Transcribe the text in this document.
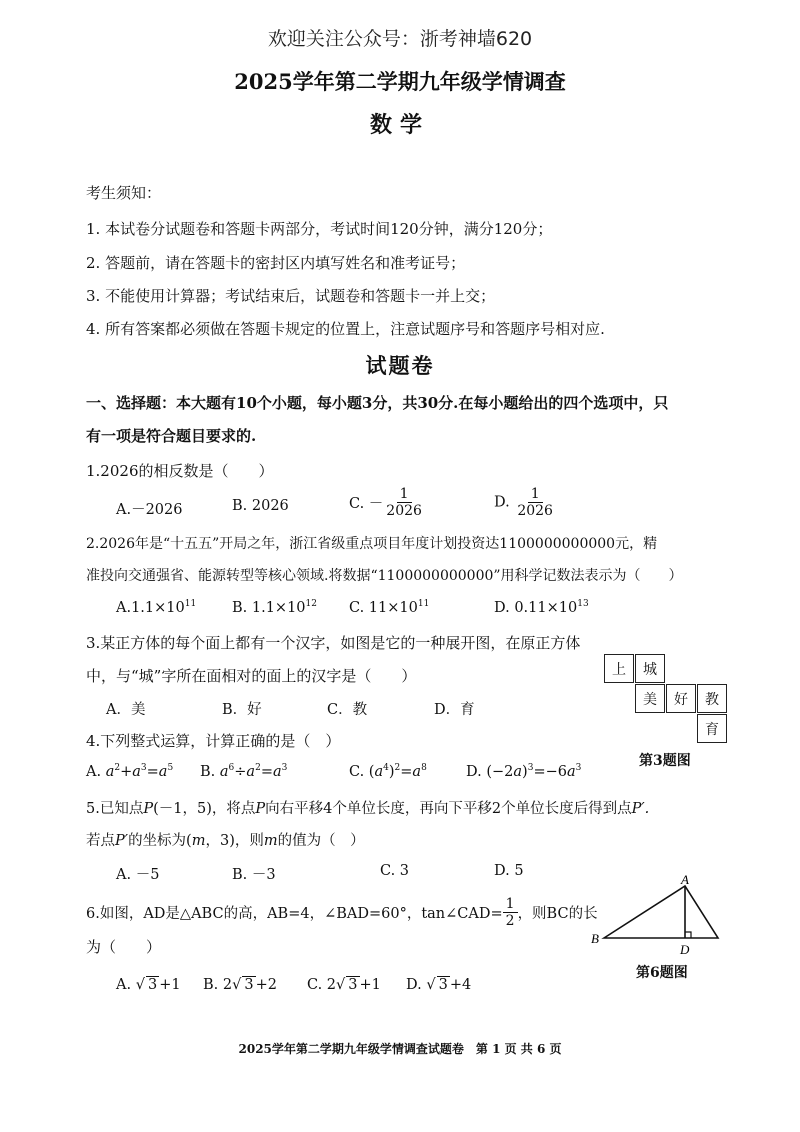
欢迎关注公众号：浙考神墙620
2025学年第二学期九年级学情调查
数学
考生须知：
1. 本试卷分试题卷和答题卡两部分，考试时间120分钟，满分120分；
2. 答题前，请在答题卡的密封区内填写姓名和准考证号；
3. 不能使用计算器；考试结束后，试题卷和答题卡一并上交；
4. 所有答案都必须做在答题卡规定的位置上，注意试题序号和答题序号相对应.
试题卷
一、选择题：本大题有10个小题，每小题3分，共30分.在每小题给出的四个选项中，只
有一项是符合题目要求的.
1.2026的相反数是（　　）
A.－2026	B. 2026	C. － $\frac{1}{2026}$	D. $\frac{1}{2026}$
2.2026年是“十五五”开局之年，浙江省级重点项目年度计划投资达1100000000000元，精
准投向交通强省、能源转型等核心领域.将数据“1100000000000”用科学记数法表示为（　　）
$A.1.1\times 10^{11}$ B. $1.1\times 10^{12}$ C. $11\times 10^{11}$	D. $0.11\times 10^{13}$
3.某正方体的每个面上都有一个汉字，如图是它的一种展开图，在原正方体
中，与“城”字所在面相对的面上的汉字是（　　）
A．美	B．好	C．教	D．育
上	城
美	好	教
育
第3题图
4.下列整式运算，计算正确的是（　）
A. $a^2+a^3=a^5$ B. $a^6\div a^2=a^3$	C. $(a^4)^2=a^8$	D. $(-2a)^3=-6a^3$
5.已知点P(－1，5)，将点P向右平移4个单位长度，再向下平移2个单位长度后得到点P′.
若点P′的坐标为(m，3)，则m的值为（　）
A. －5	B. －3	C. 3	D. 5
6.如图，AD是△ABC的高，AB=4，∠BAD=60°，tan∠CAD= $\frac{1}{2}$ ，则BC的长
为（　　）
A. √ 3 +1 B. 2√ 3 +2 C. 2√ 3 +1 D. √ 3 +4
A
B
D
第6题图
2025学年第二学期九年级学情调查试题卷　第 1 页 共 6 页
